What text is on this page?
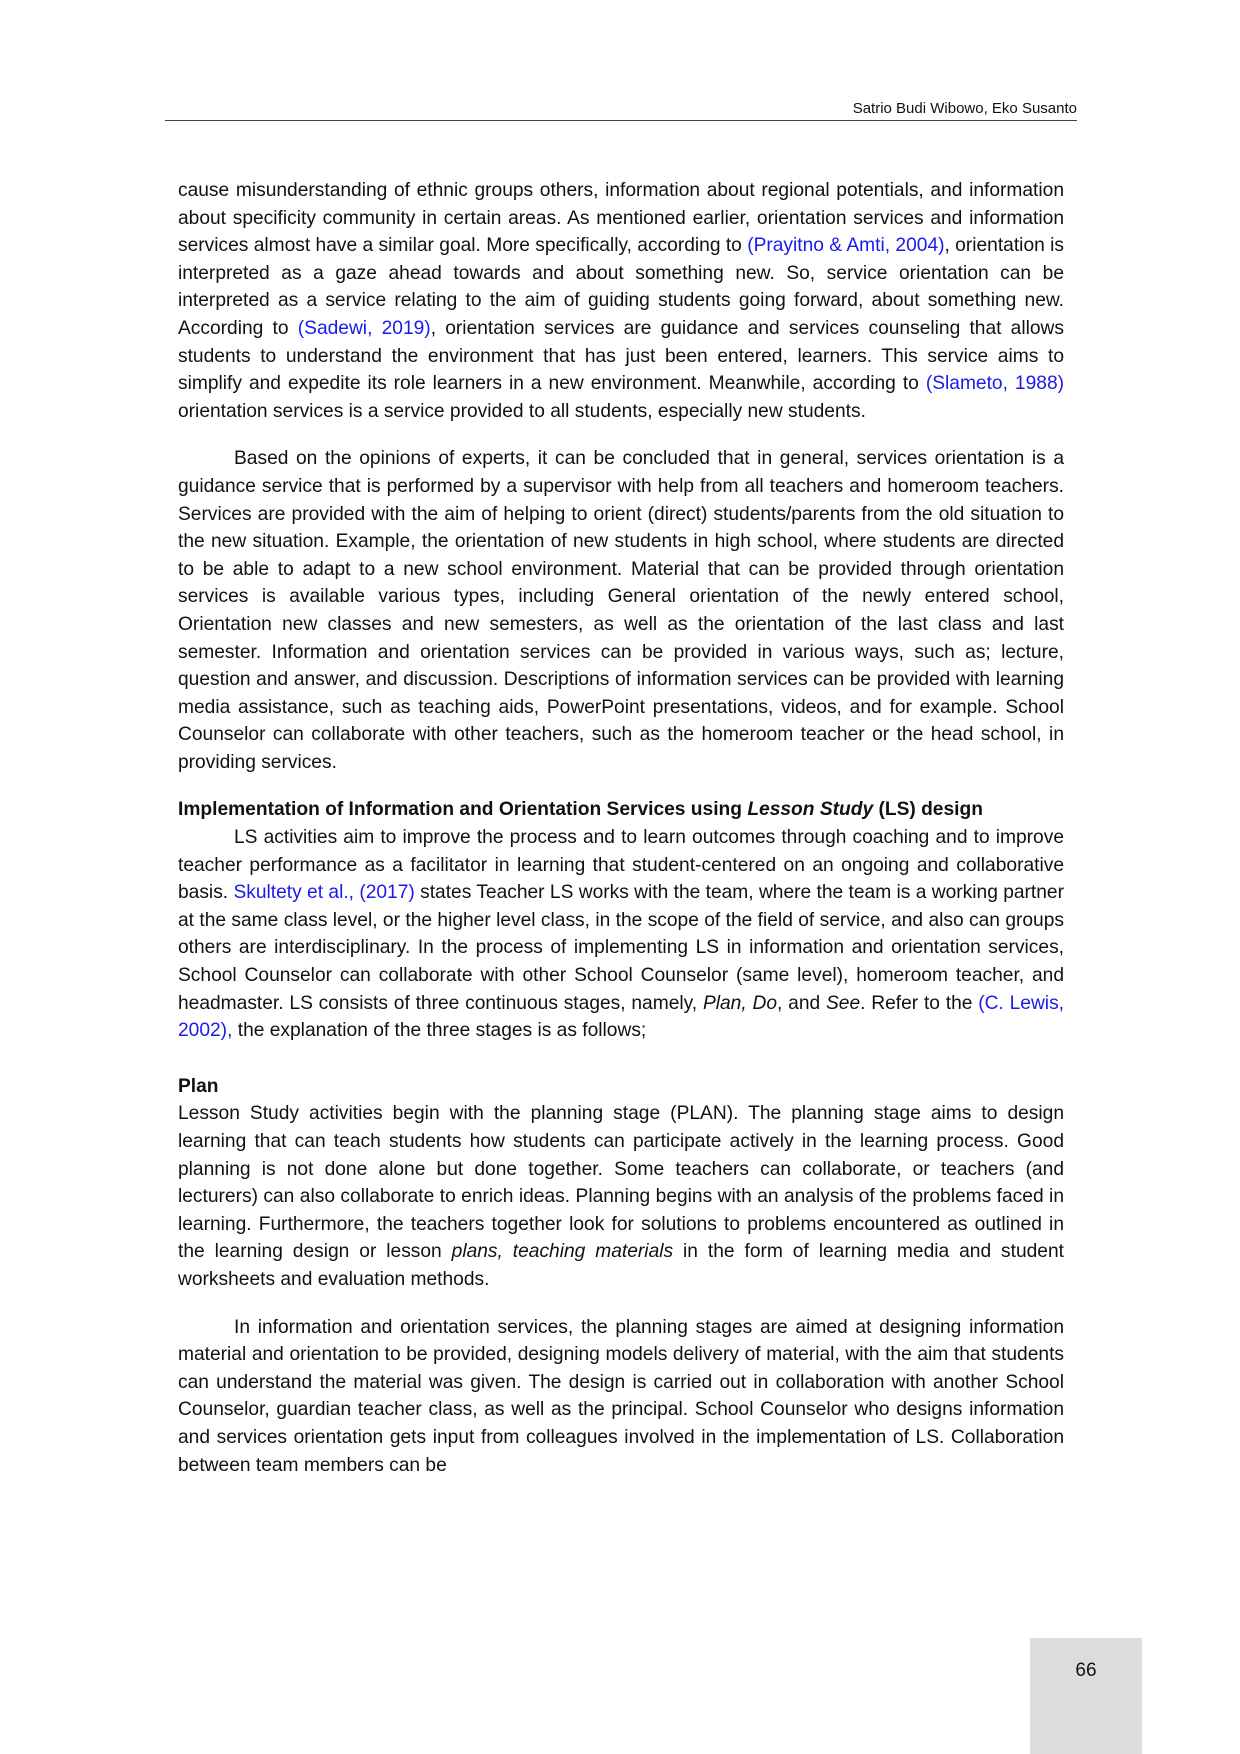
Satrio Budi Wibowo, Eko Susanto

cause misunderstanding of ethnic groups others, information about regional potentials, and information about specificity community in certain areas. As mentioned earlier, orientation services and information services almost have a similar goal. More specifically, according to (Prayitno & Amti, 2004), orientation is interpreted as a gaze ahead towards and about something new. So, service orientation can be interpreted as a service relating to the aim of guiding students going forward, about something new. According to (Sadewi, 2019), orientation services are guidance and services counseling that allows students to understand the environment that has just been entered, learners. This service aims to simplify and expedite its role learners in a new environment. Meanwhile, according to (Slameto, 1988) orientation services is a service provided to all students, especially new students.

Based on the opinions of experts, it can be concluded that in general, services orientation is a guidance service that is performed by a supervisor with help from all teachers and homeroom teachers. Services are provided with the aim of helping to orient (direct) students/parents from the old situation to the new situation. Example, the orientation of new students in high school, where students are directed to be able to adapt to a new school environment. Material that can be provided through orientation services is available various types, including General orientation of the newly entered school, Orientation new classes and new semesters, as well as the orientation of the last class and last semester. Information and orientation services can be provided in various ways, such as; lecture, question and answer, and discussion. Descriptions of information services can be provided with learning media assistance, such as teaching aids, PowerPoint presentations, videos, and for example. School Counselor can collaborate with other teachers, such as the homeroom teacher or the head school, in providing services.

Implementation of Information and Orientation Services using Lesson Study (LS) design

LS activities aim to improve the process and to learn outcomes through coaching and to improve teacher performance as a facilitator in learning that student-centered on an ongoing and collaborative basis. Skultety et al., (2017) states Teacher LS works with the team, where the team is a working partner at the same class level, or the higher level class, in the scope of the field of service, and also can groups others are interdisciplinary. In the process of implementing LS in information and orientation services, School Counselor can collaborate with other School Counselor (same level), homeroom teacher, and headmaster. LS consists of three continuous stages, namely, Plan, Do, and See. Refer to the (C. Lewis, 2002), the explanation of the three stages is as follows;

Plan

Lesson Study activities begin with the planning stage (PLAN). The planning stage aims to design learning that can teach students how students can participate actively in the learning process. Good planning is not done alone but done together. Some teachers can collaborate, or teachers (and lecturers) can also collaborate to enrich ideas. Planning begins with an analysis of the problems faced in learning. Furthermore, the teachers together look for solutions to problems encountered as outlined in the learning design or lesson plans, teaching materials in the form of learning media and student worksheets and evaluation methods.

In information and orientation services, the planning stages are aimed at designing information material and orientation to be provided, designing models delivery of material, with the aim that students can understand the material was given. The design is carried out in collaboration with another School Counselor, guardian teacher class, as well as the principal. School Counselor who designs information and services orientation gets input from colleagues involved in the implementation of LS. Collaboration between team members can be

66
